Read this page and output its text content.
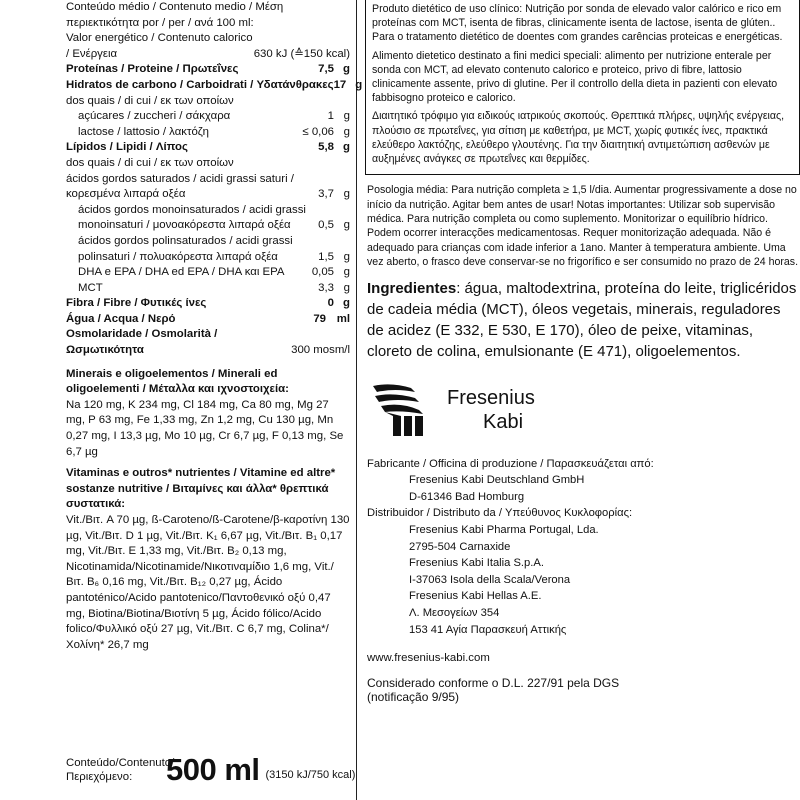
Conteúdo médio / Contenuto medio / Μέση περιεκτικότητα por / per / ανά 100 ml:
Valor energético / Contenuto calorico / Ενέργεια	630 kJ (≙150 kcal)
Proteínas / Proteine / Πρωτεΐνες	7,5 g
Hidratos de carbono / Carboidrati / Υδατάνθρακες 17 g
dos quais / di cui / εκ των οποίων
açúcares / zuccheri / σάκχαρα	1 g
lactose / lattosio / λακτόζη	≤ 0,06 g
Lípidos / Lipidi / Λίπος	5,8 g
dos quais / di cui / εκ των οποίων
ácidos gordos saturados / acidi grassi saturi / κορεσμένα λιπαρά οξέα	3,7 g
ácidos gordos monoinsaturados / acidi grassi monoinsaturi / μονοακόρεστα λιπαρά οξέα	0,5 g
ácidos gordos polinsaturados / acidi grassi polinsaturi / πολυακόρεστα λιπαρά οξέα	1,5 g
DHA e EPA / DHA ed EPA / DHA και EPA 0,05 g
MCT	3,3 g
Fibra / Fibre / Φυτικές ίνες	0 g
Água / Acqua / Νερό	79 ml
Osmolaridade / Osmolarità / Ωσμωτικότητα	300 mosm/l
Minerais e oligoelementos / Minerali ed oligoelementi / Μέταλλα και ιχνοστοιχεία:
Na 120 mg, K 234 mg, Cl 184 mg, Ca 80 mg, Mg 27 mg, P 63 mg, Fe 1,33 mg, Zn 1,2 mg, Cu 130 µg, Mn 0,27 mg, I 13,3 µg, Mo 10 µg, Cr 6,7 µg, F 0,13 mg, Se 6,7 µg
Vitaminas e outros* nutrientes / Vitamine ed altre* sostanze nutritive / Βιταμίνες και άλλα* θρεπτικά συστατικά:
Vit./Βιτ. A 70 µg, ß-Caroteno/ß-Carotene/β-καροτίνη 130 µg, Vit./Βιτ. D 1 µg, Vit./Βιτ. K₁ 6,67 µg, Vit./Βιτ. B₁ 0,17 mg, Vit./Βιτ. E 1,33 mg, Vit./Βιτ. B₂ 0,13 mg, Nicotinamida/Nicotinamide/Νικοτιναμίδιο 1,6 mg, Vit./Βιτ. B₆ 0,16 mg, Vit./Βιτ. B₁₂ 0,27 µg, Ácido pantoténico/Acido pantotenico/Παντοθενικό οξύ 0,47 mg, Biotina/Biotina/Βιοτίνη 5 µg, Ácido fólico/Acido folico/Φυλλικό οξύ 27 µg, Vit./Βιτ. C 6,7 mg, Colina*/Χολίνη* 26,7 mg
Conteúdo/Contenuto/ Περιεχόμενο:	500 ml (3150 kJ/750 kcal)

Produto dietético de uso clínico: Nutrição por sonda de elevado valor calórico e rico em proteínas com MCT, isenta de fibras, clinicamente isenta de lactose, isenta de glúten.. Para o tratamento dietético de doentes com grandes carências proteicas e energéticas.

Alimento dietetico destinato a fini medici speciali: alimento per nutrizione enterale per sonda con MCT, ad elevato contenuto calorico e proteico, privo di fibre, lattosio clinicamente assente, privo di glutine. Per il controllo della dieta in pazienti con elevato fabbisogno proteico e calorico.

Διαιτητικό τρόφιμο για ειδικούς ιατρικούς σκοπούς. Θρεπτικά πλήρες, υψηλής ενέργειας, πλούσιο σε πρωτεΐνες, για σίτιση με καθετήρα, με MCT, χωρίς φυτικές ίνες, πρακτικά ελεύθερο λακτόζης, ελεύθερο γλουτένης. Για την διαιτητική αντιμετώπιση ασθενών με αυξημένες ανάγκες σε πρωτεΐνες και θερμίδες.

Posologia média: Para nutrição completa ≥ 1,5 l/dia. Aumentar progressivamente a dose no início da nutrição. Agitar bem antes de usar! Notas importantes: Utilizar sob supervisão médica. Para nutrição completa ou como suplemento. Monitorizar o equilíbrio hídrico. Podem ocorrer interacções medicamentosas. Requer monitorização adequada. Não é adequado para crianças com idade inferior a 1ano. Manter à temperatura ambiente. Uma vez aberto, o frasco deve conservar-se no frigorífico e ser consumido no prazo de 24 horas.
Ingredientes: água, maltodextrina, proteína do leite, triglicéridos de cadeia média (MCT), óleos vegetais, minerais, reguladores de acidez (E 332, E 530, E 170), óleo de peixe, vitaminas, cloreto de colina, emulsionante (E 471), oligoelementos.
Fresenius
Kabi
Fabricante / Officina di produzione / Παρασκευάζεται από:
Fresenius Kabi Deutschland GmbH
D-61346 Bad Homburg
Distribuidor / Distributo da / Υπεύθυνος Κυκλοφορίας:
Fresenius Kabi Pharma Portugal, Lda.
2795-504 Carnaxide
Fresenius Kabi Italia S.p.A.
I-37063 Isola della Scala/Verona
Fresenius Kabi Hellas A.E.
Λ. Μεσογείων 354
153 41 Αγία Παρασκευή Αττικής
www.fresenius-kabi.com
Considerado conforme o D.L. 227/91 pela DGS
(notificação 9/95)
